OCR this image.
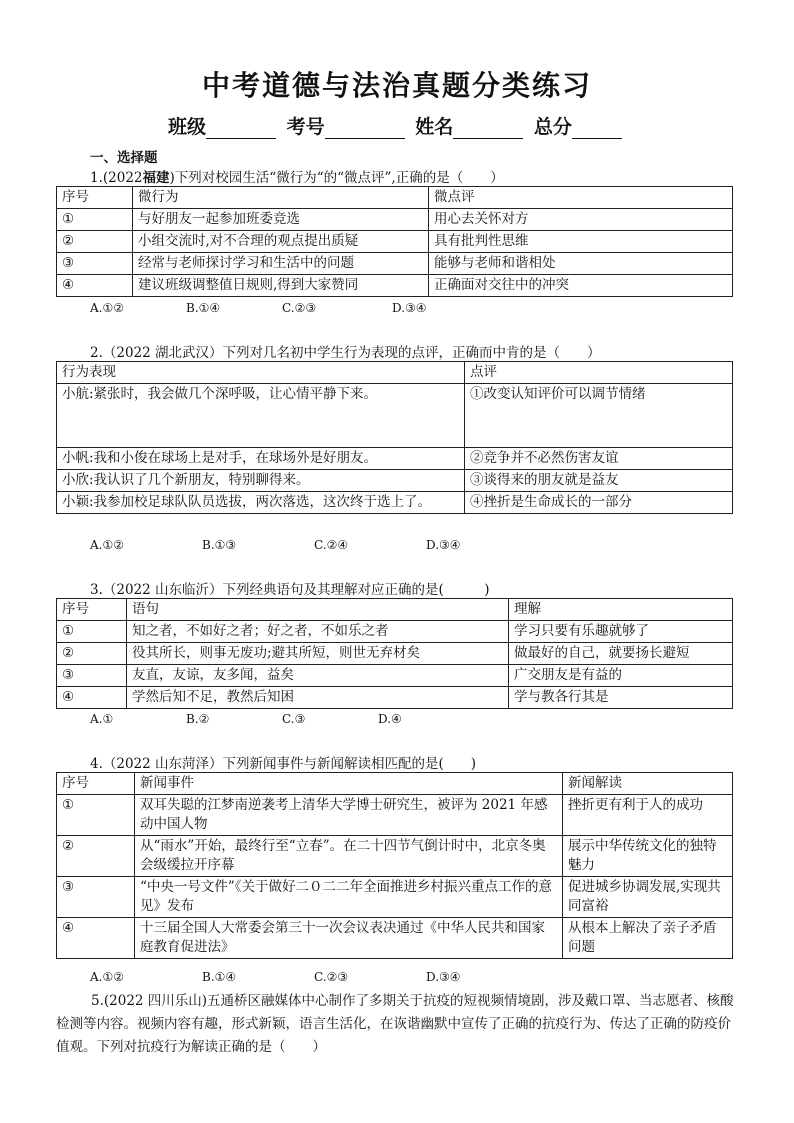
中考道德与法治真题分类练习
班级	考号	姓名	总分
一、选择题
1.(2022福建)下列对校园生活“微行为“的“微点评”,正确的是（　　）
序号	微行为	微点评
①	与好朋友一起参加班委竞选	用心去关怀对方
②	小组交流时,对不合理的观点提出质疑	具有批判性思维
③	经常与老师探讨学习和生活中的问题	能够与老师和谐相处
④	建议班级调整值日规则,得到大家赞同	正确面对交往中的冲突
A.①②	B.①④	C.②③	D.③④
2.（2022 湖北武汉）下列对几名初中学生行为表现的点评，正确而中肯的是（　　）
行为表现	点评
小航:紧张时，我会做几个深呼吸，让心情平静下来。	①改变认知评价可以调节情绪
小帆:我和小俊在球场上是对手，在球场外是好朋友。	②竞争并不必然伤害友谊
小欣:我认识了几个新朋友，特别聊得来。	③谈得来的朋友就是益友
小颖:我参加校足球队队员选拔，两次落选，这次终于选上了。	④挫折是生命成长的一部分
A.①②	B.①③	C.②④	D.③④
3.（2022 山东临沂）下列经典语句及其理解对应正确的是(　　　)
序号	语句	理解
①	知之者，不如好之者；好之者，不如乐之者	学习只要有乐趣就够了
②	役其所长，则事无废功;避其所短，则世无弃材矣	做最好的自己，就要扬长避短
③	友直，友谅，友多闻，益矣	广交朋友是有益的
④	学然后知不足，教然后知困	学与教各行其是
A.①	B.②	C.③	D.④
4.（2022 山东菏泽）下列新闻事件与新闻解读相匹配的是(　　)
序号	新闻事件	新闻解读
①	双耳失聪的江梦南逆袭考上清华大学博士研究生，被评为 2021 年感动中国人物	挫折更有利于人的成功
②	从“雨水”开始，最终行至“立春”。在二十四节气倒计时中，北京冬奥会级缓拉开序幕	展示中华传统文化的独特魅力
③	“中央一号文件”《关于做好二０二二年全面推进乡村振兴重点工作的意见》发布	促进城乡协调发展,实现共同富裕
④	十三届全国人大常委会第三十一次会议表决通过《中华人民共和国家庭教育促进法》	从根本上解决了亲子矛盾问题
A.①②	B.①④	C.②③	D.③④
5.(2022 四川乐山)五通桥区融媒体中心制作了多期关于抗疫的短视频情境剧，涉及戴口罩、当志愿者、核酸检测等内容。视频内容有趣，形式新颖，语言生活化，在诙谐幽默中宣传了正确的抗疫行为、传达了正确的防疫价值观。下列对抗疫行为解读正确的是（　　）
